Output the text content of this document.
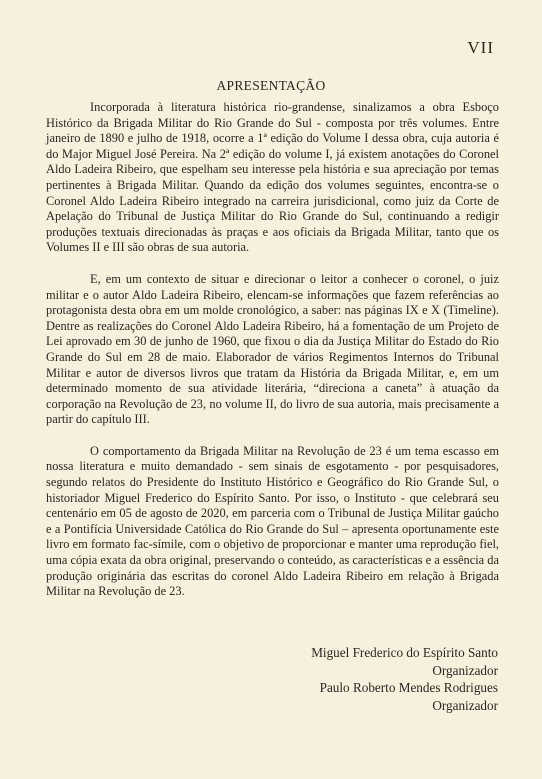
VII
APRESENTAÇÃO

Incorporada à literatura histórica rio-grandense, sinalizamos a obra Esboço Histórico da Brigada Militar do Rio Grande do Sul - composta por três volumes. Entre janeiro de 1890 e julho de 1918, ocorre a 1ª edição do Volume I dessa obra, cuja autoria é do Major Miguel José Pereira. Na 2ª edição do volume I, já existem anotações do Coronel Aldo Ladeira Ribeiro, que espelham seu interesse pela história e sua apreciação por temas pertinentes à Brigada Militar. Quando da edição dos volumes seguintes, encontra-se o Coronel Aldo Ladeira Ribeiro integrado na carreira jurisdicional, como juiz da Corte de Apelação do Tribunal de Justiça Militar do Rio Grande do Sul, continuando a redigir produções textuais direcionadas às praças e aos oficiais da Brigada Militar, tanto que os Volumes II e III são obras de sua autoria.

E, em um contexto de situar e direcionar o leitor a conhecer o coronel, o juiz militar e o autor Aldo Ladeira Ribeiro, elencam-se informações que fazem referências ao protagonista desta obra em um molde cronológico, a saber: nas páginas IX e X (Timeline). Dentre as realizações do Coronel Aldo Ladeira Ribeiro, há a fomentação de um Projeto de Lei aprovado em 30 de junho de 1960, que fixou o dia da Justiça Militar do Estado do Rio Grande do Sul em 28 de maio. Elaborador de vários Regimentos Internos do Tribunal Militar e autor de diversos livros que tratam da História da Brigada Militar, e, em um determinado momento de sua atividade literária, “direciona a caneta” à atuação da corporação na Revolução de 23, no volume II, do livro de sua autoria, mais precisamente a partir do capítulo III.

O comportamento da Brigada Militar na Revolução de 23 é um tema escasso em nossa literatura e muito demandado - sem sinais de esgotamento - por pesquisadores, segundo relatos do Presidente do Instituto Histórico e Geográfico do Rio Grande Sul, o historiador Miguel Frederico do Espírito Santo. Por isso, o Instituto - que celebrará seu centenário em 05 de agosto de 2020, em parceria com o Tribunal de Justiça Militar gaúcho e a Pontifícia Universidade Católica do Rio Grande do Sul – apresenta oportunamente este livro em formato fac-símile, com o objetivo de proporcionar e manter uma reprodução fiel, uma cópia exata da obra original, preservando o conteúdo, as características e a essência da produção originária das escritas do coronel Aldo Ladeira Ribeiro em relação à Brigada Militar na Revolução de 23.

Miguel Frederico do Espírito Santo
Organizador
Paulo Roberto Mendes Rodrigues
Organizador
